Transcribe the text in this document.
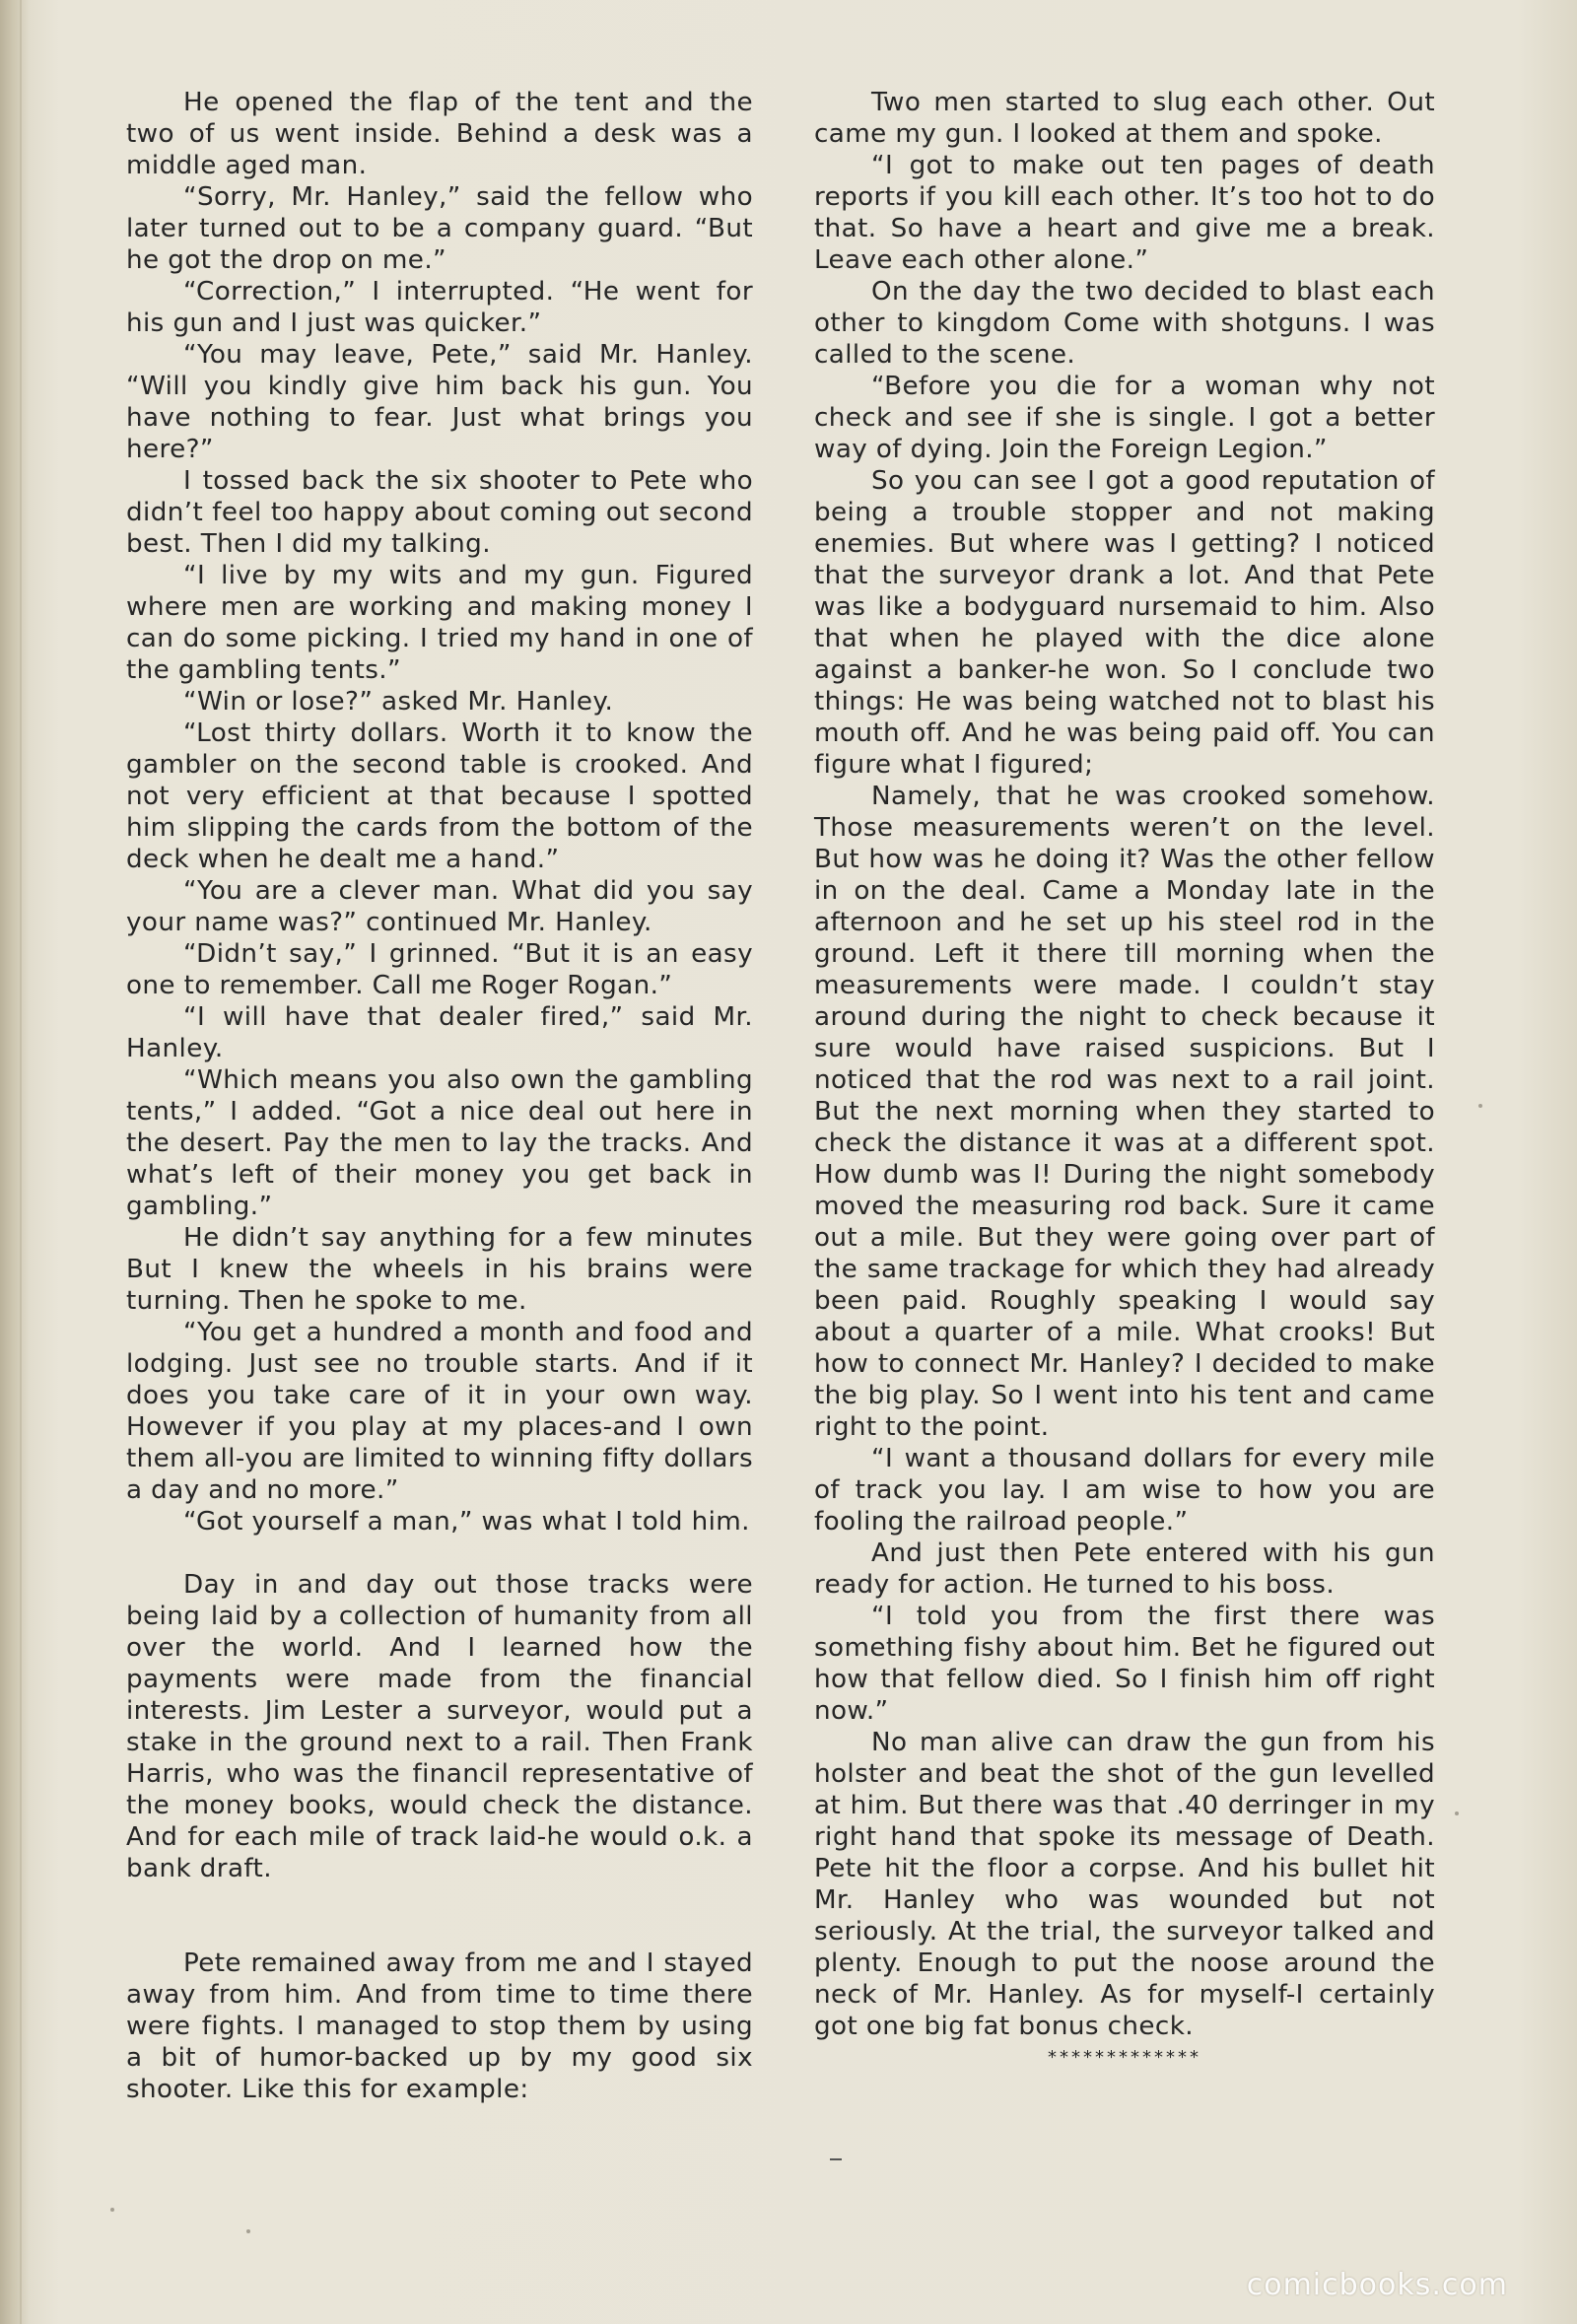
He opened the flap of the tent and the two of us went inside. Behind a desk was a middle aged man.

“Sorry, Mr. Hanley,” said the fellow who later turned out to be a company guard. “But he got the drop on me.”

“Correction,” I interrupted. “He went for his gun and I just was quicker.”

“You may leave, Pete,” said Mr. Hanley. “Will you kindly give him back his gun. You have nothing to fear. Just what brings you here?”

I tossed back the six shooter to Pete who didn’t feel too happy about coming out second best. Then I did my talking.

“I live by my wits and my gun. Figured where men are working and making money I can do some picking. I tried my hand in one of the gambling tents.”

“Win or lose?” asked Mr. Hanley.

“Lost thirty dollars. Worth it to know the gambler on the second table is crooked. And not very efficient at that because I spotted him slipping the cards from the bottom of the deck when he dealt me a hand.”

“You are a clever man. What did you say your name was?” continued Mr. Hanley.

“Didn’t say,” I grinned. “But it is an easy one to remember. Call me Roger Rogan.”

“I will have that dealer fired,” said Mr. Hanley.

“Which means you also own the gambling tents,” I added. “Got a nice deal out here in the desert. Pay the men to lay the tracks. And what’s left of their money you get back in gambling.”

He didn’t say anything for a few minutes But I knew the wheels in his brains were turning. Then he spoke to me.

“You get a hundred a month and food and lodging. Just see no trouble starts. And if it does you take care of it in your own way. However if you play at my places-and I own them all-you are limited to winning fifty dollars a day and no more.”

“Got yourself a man,” was what I told him.

Day in and day out those tracks were being laid by a collection of humanity from all over the world. And I learned how the payments were made from the financial interests. Jim Lester a surveyor, would put a stake in the ground next to a rail. Then Frank Harris, who was the financil representative of the money books, would check the distance. And for each mile of track laid-he would o.k. a bank draft.

Pete remained away from me and I stayed away from him. And from time to time there were fights. I managed to stop them by using a bit of humor-backed up by my good six shooter. Like this for example:

Two men started to slug each other. Out came my gun. I looked at them and spoke.

“I got to make out ten pages of death reports if you kill each other. It’s too hot to do that. So have a heart and give me a break. Leave each other alone.”

On the day the two decided to blast each other to kingdom Come with shotguns. I was called to the scene.

“Before you die for a woman why not check and see if she is single. I got a better way of dying. Join the Foreign Legion.”

So you can see I got a good reputation of being a trouble stopper and not making enemies. But where was I getting? I noticed that the surveyor drank a lot. And that Pete was like a bodyguard nursemaid to him. Also that when he played with the dice alone against a banker-he won. So I conclude two things: He was being watched not to blast his mouth off. And he was being paid off. You can figure what I figured;

Namely, that he was crooked somehow. Those measurements weren’t on the level. But how was he doing it? Was the other fellow in on the deal. Came a Monday late in the afternoon and he set up his steel rod in the ground. Left it there till morning when the measurements were made. I couldn’t stay around during the night to check because it sure would have raised suspicions. But I noticed that the rod was next to a rail joint. But the next morning when they started to check the distance it was at a different spot. How dumb was I! During the night somebody moved the measuring rod back. Sure it came out a mile. But they were going over part of the same trackage for which they had already been paid. Roughly speaking I would say about a quarter of a mile. What crooks! But how to connect Mr. Hanley? I decided to make the big play. So I went into his tent and came right to the point.

“I want a thousand dollars for every mile of track you lay. I am wise to how you are fooling the railroad people.”

And just then Pete entered with his gun ready for action. He turned to his boss.

“I told you from the first there was something fishy about him. Bet he figured out how that fellow died. So I finish him off right now.”

No man alive can draw the gun from his holster and beat the shot of the gun levelled at him. But there was that .40 derringer in my right hand that spoke its message of Death. Pete hit the floor a corpse. And his bullet hit Mr. Hanley who was wounded but not seriously. At the trial, the surveyor talked and plenty. Enough to put the noose around the neck of Mr. Hanley. As for myself-I certainly got one big fat bonus check.

*************

comicbooks.com
